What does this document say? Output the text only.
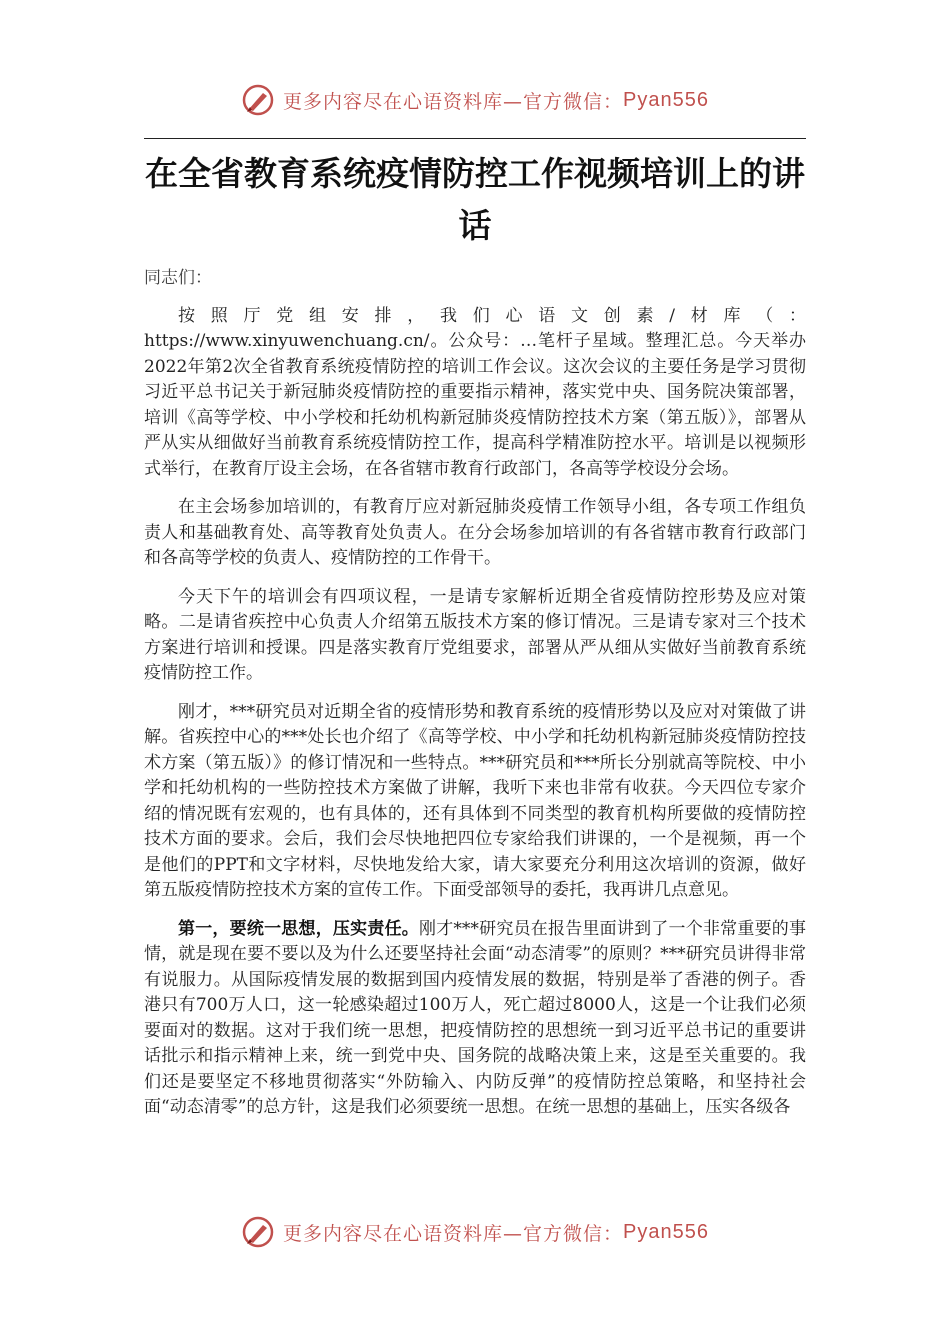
更多内容尽在心语资料库—官方微信： Pyan556
在全省教育系统疫情防控工作视频培训上的讲话

同志们：

按照厅党组安排，我们心语文创素/材库（：https://www.xinyuwenchuang.cn/。公众号：…笔杆子星域。整理汇总。今天举办2022年第2次全省教育系统疫情防控的培训工作会议。这次会议的主要任务是学习贯彻习近平总书记关于新冠肺炎疫情防控的重要指示精神，落实党中央、国务院决策部署，培训《高等学校、中小学校和托幼机构新冠肺炎疫情防控技术方案（第五版）》，部署从严从实从细做好当前教育系统疫情防控工作，提高科学精准防控水平。培训是以视频形式举行，在教育厅设主会场，在各省辖市教育行政部门，各高等学校设分会场。

在主会场参加培训的，有教育厅应对新冠肺炎疫情工作领导小组，各专项工作组负责人和基础教育处、高等教育处负责人。在分会场参加培训的有各省辖市教育行政部门和各高等学校的负责人、疫情防控的工作骨干。

今天下午的培训会有四项议程，一是请专家解析近期全省疫情防控形势及应对策略。二是请省疾控中心负责人介绍第五版技术方案的修订情况。三是请专家对三个技术方案进行培训和授课。四是落实教育厅党组要求，部署从严从细从实做好当前教育系统疫情防控工作。

刚才，***研究员对近期全省的疫情形势和教育系统的疫情形势以及应对对策做了讲解。省疾控中心的***处长也介绍了《高等学校、中小学和托幼机构新冠肺炎疫情防控技术方案（第五版）》的修订情况和一些特点。***研究员和***所长分别就高等院校、中小学和托幼机构的一些防控技术方案做了讲解，我听下来也非常有收获。今天四位专家介绍的情况既有宏观的，也有具体的，还有具体到不同类型的教育机构所要做的疫情防控技术方面的要求。会后，我们会尽快地把四位专家给我们讲课的，一个是视频，再一个是他们的PPT和文字材料，尽快地发给大家，请大家要充分利用这次培训的资源，做好第五版疫情防控技术方案的宣传工作。下面受部领导的委托，我再讲几点意见。

第一，要统一思想，压实责任。刚才***研究员在报告里面讲到了一个非常重要的事情，就是现在要不要以及为什么还要坚持社会面“动态清零”的原则？***研究员讲得非常有说服力。从国际疫情发展的数据到国内疫情发展的数据，特别是举了香港的例子。香港只有700万人口，这一轮感染超过100万人，死亡超过8000人，这是一个让我们必须要面对的数据。这对于我们统一思想，把疫情防控的思想统一到习近平总书记的重要讲话批示和指示精神上来，统一到党中央、国务院的战略决策上来，这是至关重要的。我们还是要坚定不移地贯彻落实“外防输入、内防反弹”的疫情防控总策略，和坚持社会面“动态清零”的总方针，这是我们必须要统一思想。在统一思想的基础上，压实各级各

更多内容尽在心语资料库—官方微信： Pyan556
